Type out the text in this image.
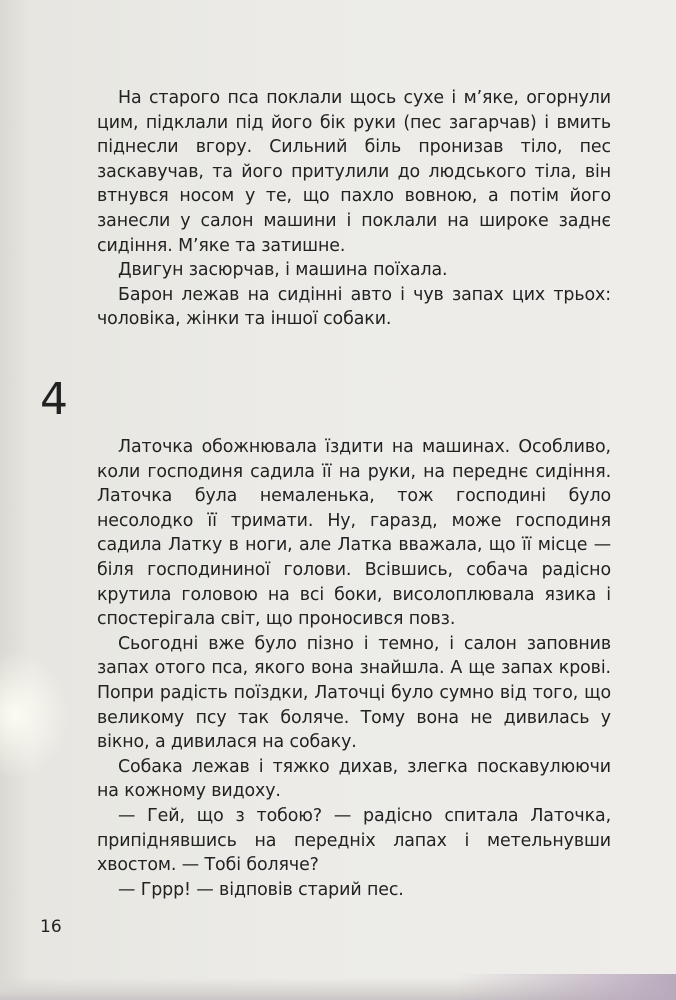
На старого пса поклали щось сухе і м’яке, огорнули цим, підклали під його бік руки (пес загарчав) і вмить піднесли вгору. Сильний біль пронизав тіло, пес заскавучав, та його притулили до людського тіла, він втнувся носом у те, що пахло вовною, а потім його занесли у салон машини і поклали на широке заднє сидіння. М’яке та затишне.

Двигун засюрчав, і машина поїхала.

Барон лежав на сидінні авто і чув запах цих трьох: чоловіка, жінки та іншої собаки.

4

Латочка обожнювала їздити на машинах. Особливо, коли господиня садила її на руки, на переднє сидіння. Латочка була немаленька, тож господині було несолодко її тримати. Ну, гаразд, може господиня садила Латку в ноги, але Латка вважала, що її місце — біля господининої голови. Всівшись, собача радісно крутила головою на всі боки, висолоплювала язика і спостерігала світ, що проносився повз.

Сьогодні вже було пізно і темно, і салон заповнив запах отого пса, якого вона знайшла. А ще запах крові. Попри радість поїздки, Латочці було сумно від того, що великому псу так боляче. Тому вона не дивилась у вікно, а дивилася на собаку.

Собака лежав і тяжко дихав, злегка поскавулюючи на кожному видоху.

— Гей, що з тобою? — радісно спитала Латочка, припіднявшись на передніх лапах і метельнувши хвостом. — Тобі боляче?

— Гррр! — відповів старий пес.

16
